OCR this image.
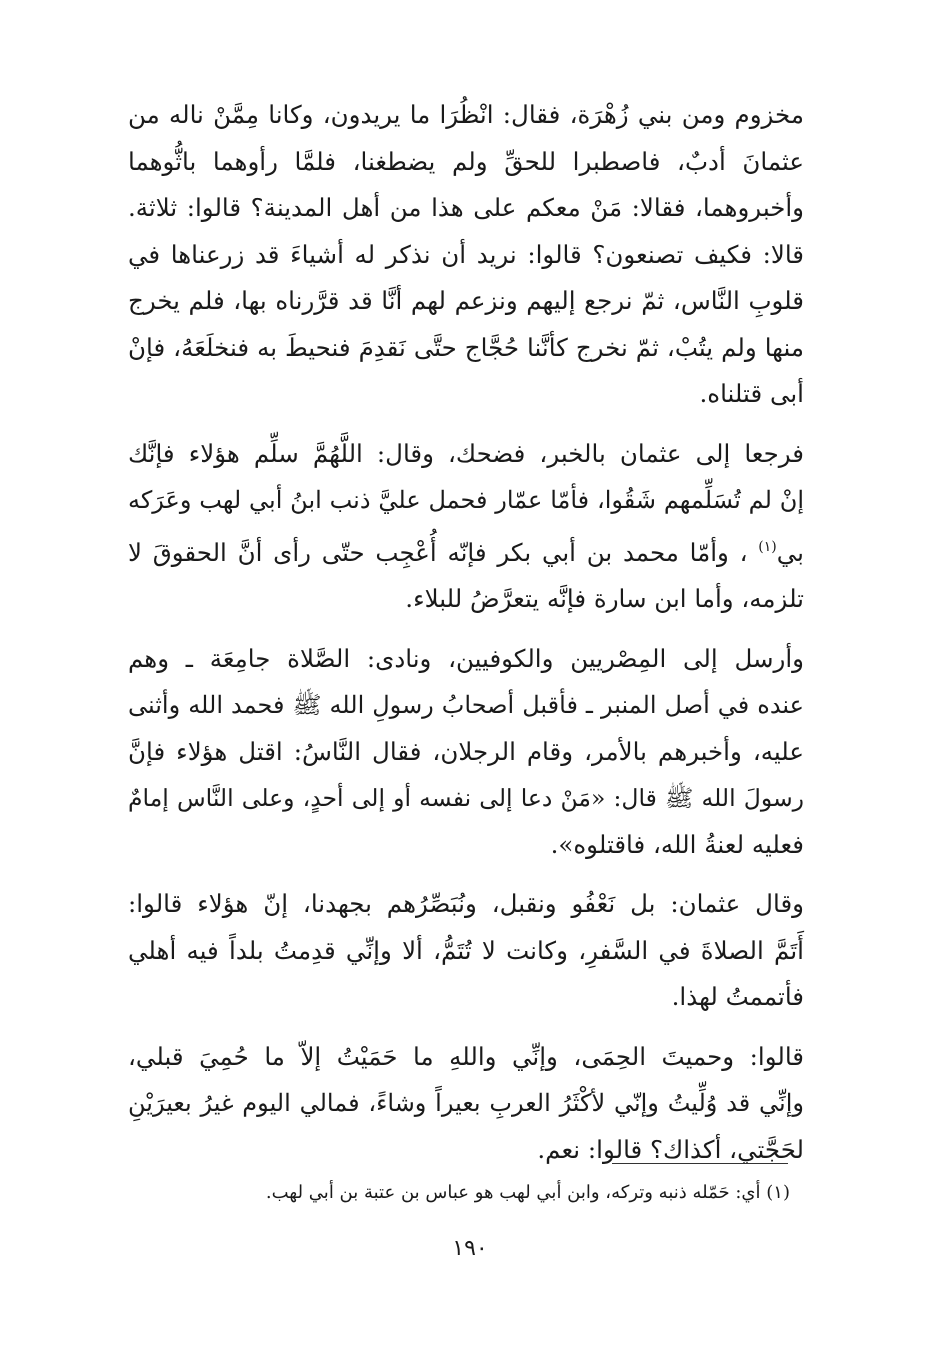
مخزوم ومن بني زُهْرَة، فقال: انْظُرَا ما يريدون، وكانا مِمَّنْ ناله من
عثمانَ أدبٌ، فاصطبرا للحقِّ ولم يضطغنا، فلمَّا رأوهما باثُّوهما
وأخبروهما، فقالا: مَنْ معكم على هذا من أهل المدينة؟ قالوا: ثلاثة.
قالا: فكيف تصنعون؟ قالوا: نريد أن نذكر له أشياءَ قد زرعناها في
قلوبِ النَّاس، ثمّ نرجع إليهم ونزعم لهم أنَّا قد قرَّرناه بها، فلم يخرج
منها ولم يتُبْ، ثمّ نخرج كأنَّنا حُجَّاج حتَّى نَقدِمَ فنحيطَ به فنخلَعَهُ، فإنْ
أبى قتلناه.

فرجعا إلى عثمان بالخبر، فضحك، وقال: اللَّهُمَّ سلِّم هؤلاء فإنَّك
إنْ لم تُسَلِّمهم شَقُوا، فأمّا عمّار فحمل عليَّ ذنب ابنُ أبي لهب وعَرَكه
بي$^{(١)}$ ، وأمّا محمد بن أبي بكر فإنّه أُعْجِب حتّى رأى أنَّ الحقوقَ لا
تلزمه، وأما ابن سارة فإنَّه يتعرَّضُ للبلاء.

وأرسل إلى المِصْريين والكوفيين، ونادى: الصَّلاة جامِعَة ـ وهم
عنده في أصل المنبر ـ فأقبل أصحابُ رسولِ الله ﷺ فحمد الله وأثنى
عليه، وأخبرهم بالأمر، وقام الرجلان، فقال النَّاسُ: اقتل هؤلاء فإنَّ
رسولَ الله ﷺ قال: «مَنْ دعا إلى نفسه أو إلى أحدٍ، وعلى النَّاس إمامٌ
فعليه لعنةُ الله، فاقتلوه».

وقال عثمان: بل نَعْفُو ونقبل، ونُبَصِّرُهم بجهدنا، إنّ هؤلاء قالوا:
أَتَمَّ الصلاةَ في السَّفرِ، وكانت لا تُتَمُّ، ألا وإنِّي قدِمتُ بلداً فيه أهلي
فأتممتُ لهذا.

قالوا: وحميتَ الحِمَى، وإنِّي واللهِ ما حَمَيْتُ إلاّ ما حُمِيَ قبلي،
وإنِّي قد وُلِّيتُ وإنّي لأكْثَرُ العربِ بعيراً وشاءً، فمالي اليوم غيرُ بعيرَيْنِ
لحَجَّتي، أكذاك؟ قالوا: نعم.

(١) أي: حَمّله ذنبه وتركه، وابن أبي لهب هو عباس بن عتبة بن أبي لهب.
١٩٠
